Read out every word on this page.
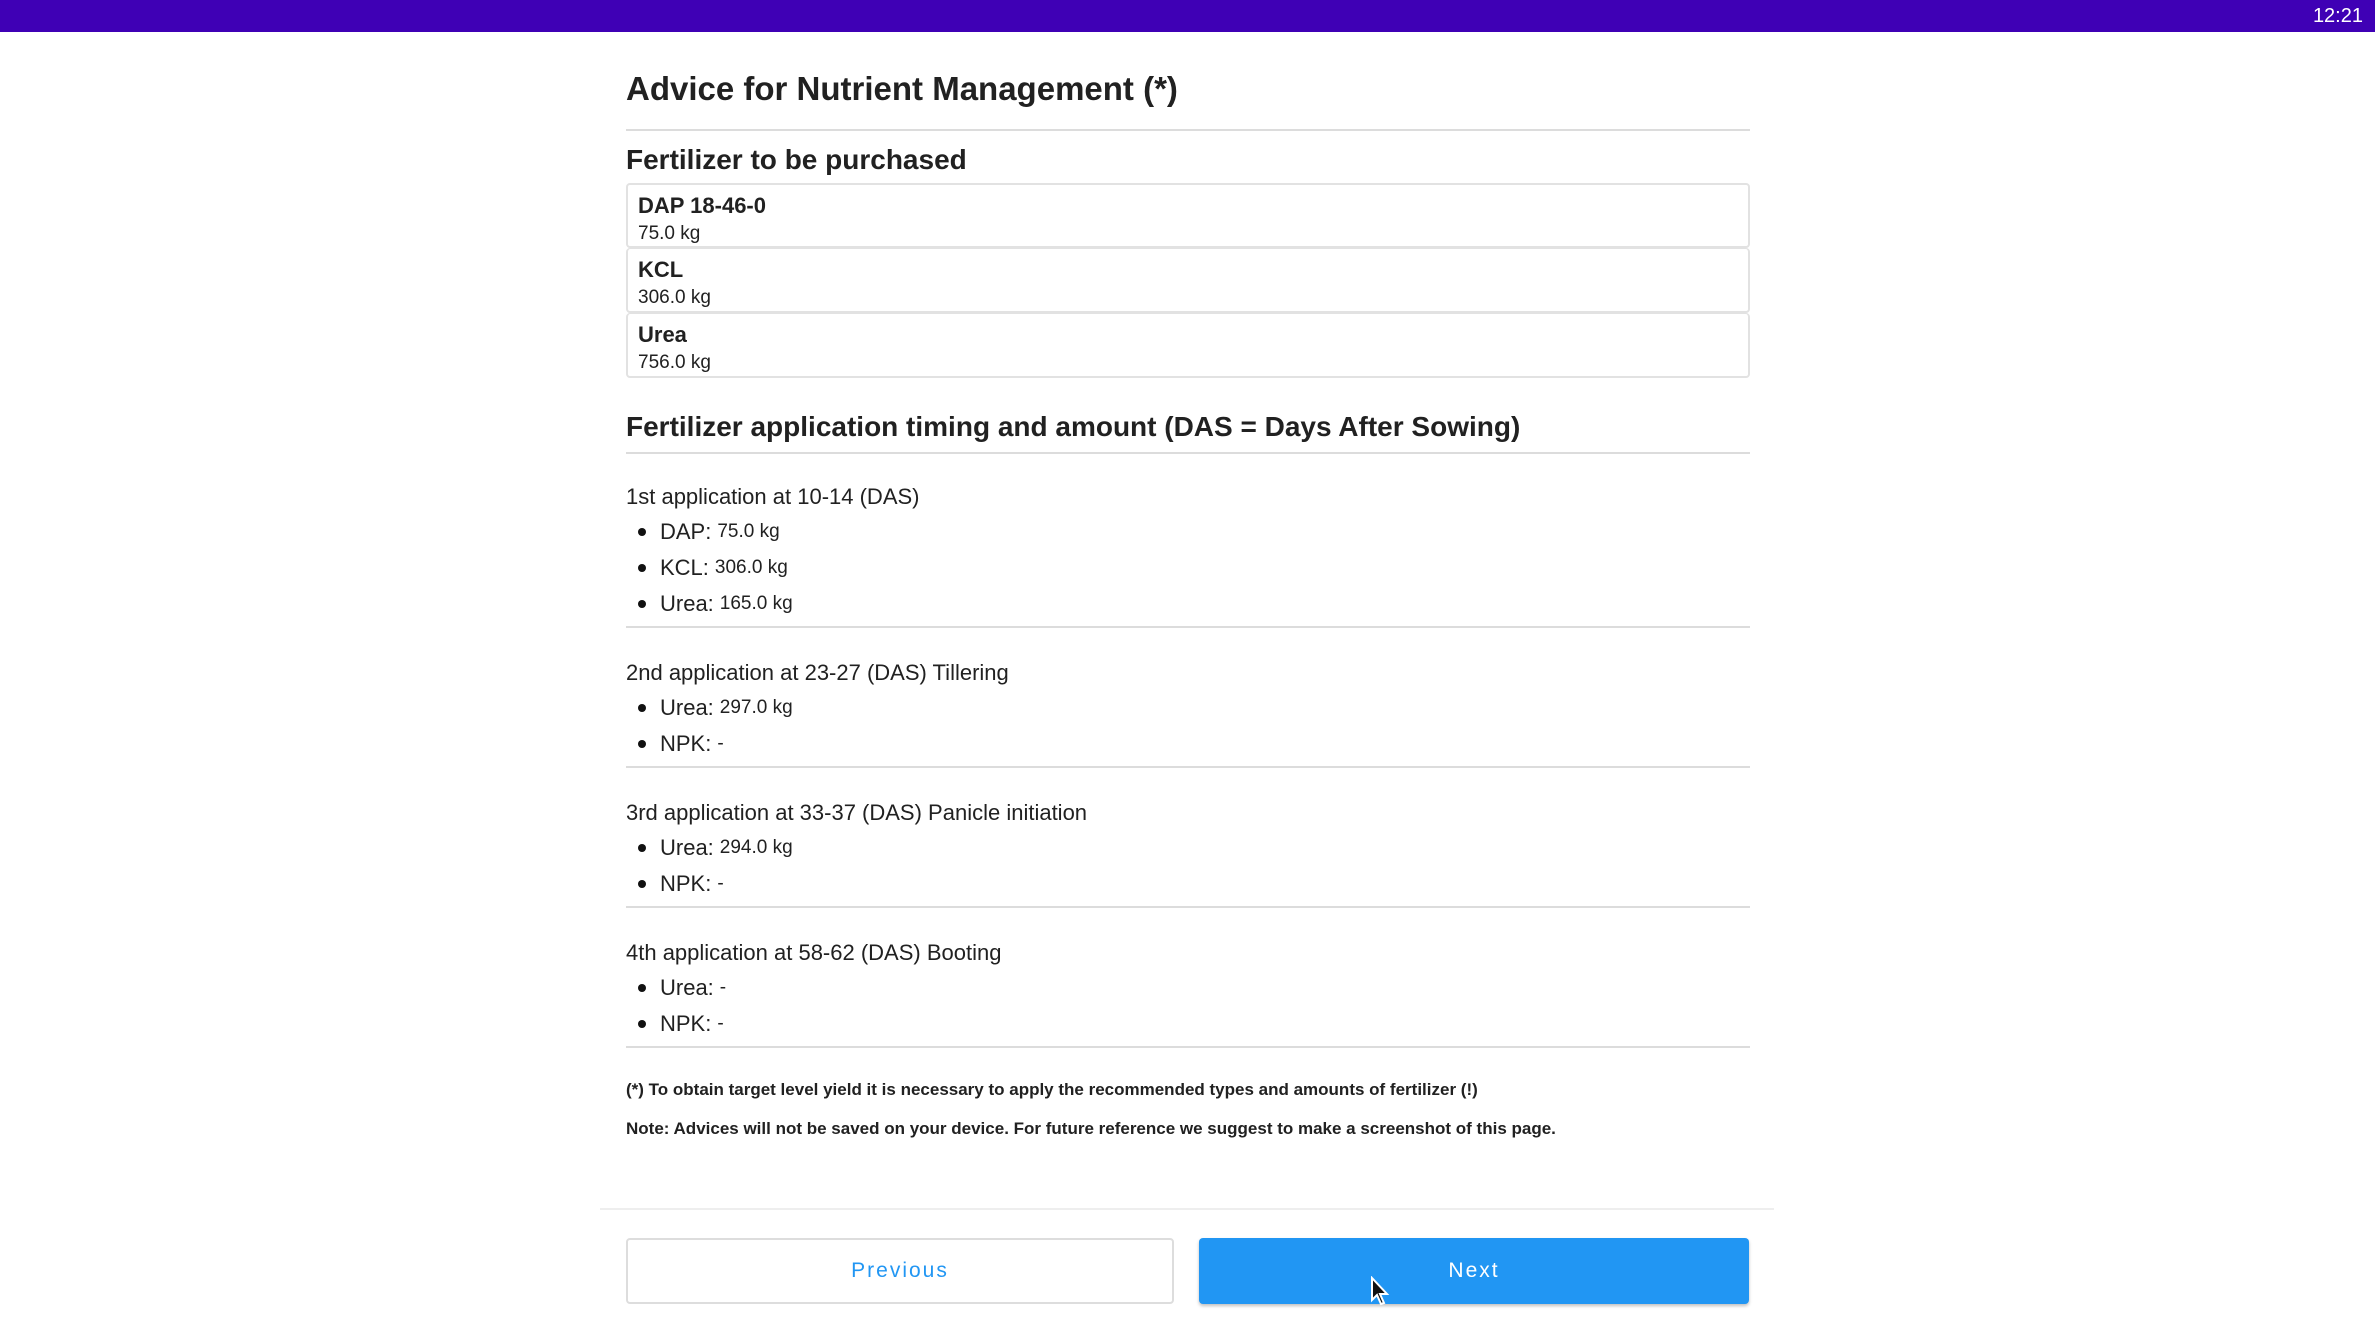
12:21
Advice for Nutrient Management (*)
Fertilizer to be purchased
DAP 18-46-0
75.0 kg
KCL
306.0 kg
Urea
756.0 kg
Fertilizer application timing and amount (DAS = Days After Sowing)
1st application at 10-14 (DAS)
DAP: 75.0 kg
KCL: 306.0 kg
Urea: 165.0 kg
2nd application at 23-27 (DAS) Tillering
Urea: 297.0 kg
NPK: -
3rd application at 33-37 (DAS) Panicle initiation
Urea: 294.0 kg
NPK: -
4th application at 58-62 (DAS) Booting
Urea: -
NPK: -

(*) To obtain target level yield it is necessary to apply the recommended types and amounts of fertilizer (!)

Note: Advices will not be saved on your device. For future reference we suggest to make a screenshot of this page.

Previous	Next
